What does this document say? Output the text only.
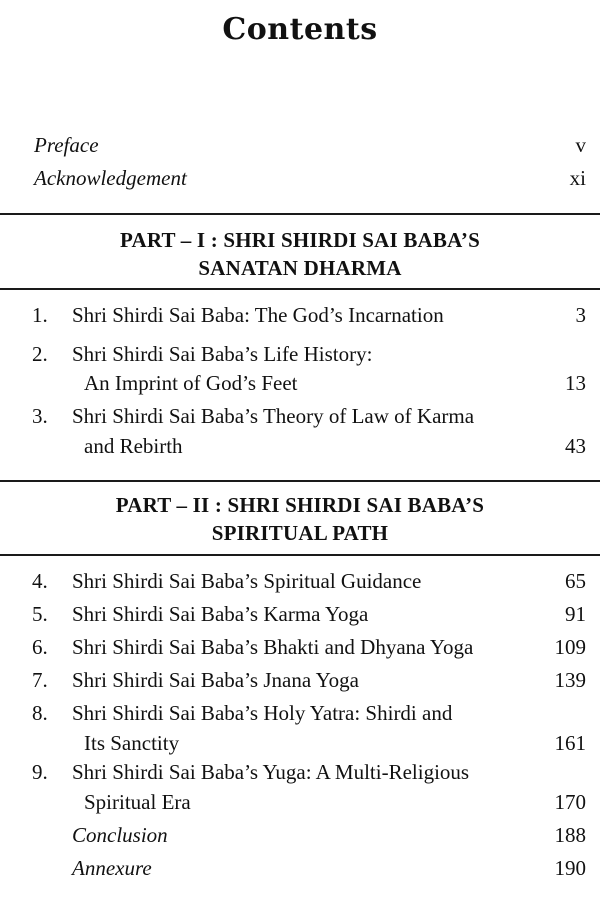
Contents
Preface	v
Acknowledgement	xi
PART – I : SHRI SHIRDI SAI BABA’S
SANATAN DHARMA
1. Shri Shirdi Sai Baba: The God’s Incarnation	3
2. Shri Shirdi Sai Baba’s Life History:
An Imprint of God’s Feet	13
3. Shri Shirdi Sai Baba’s Theory of Law of Karma
and Rebirth	43
PART – II : SHRI SHIRDI SAI BABA’S
SPIRITUAL PATH
4. Shri Shirdi Sai Baba’s Spiritual Guidance	65
5. Shri Shirdi Sai Baba’s Karma Yoga	91
6. Shri Shirdi Sai Baba’s Bhakti and Dhyana Yoga	109
7. Shri Shirdi Sai Baba’s Jnana Yoga	139
8. Shri Shirdi Sai Baba’s Holy Yatra: Shirdi and
Its Sanctity	161
9. Shri Shirdi Sai Baba’s Yuga: A Multi-Religious
Spiritual Era	170
Conclusion	188
Annexure	190
